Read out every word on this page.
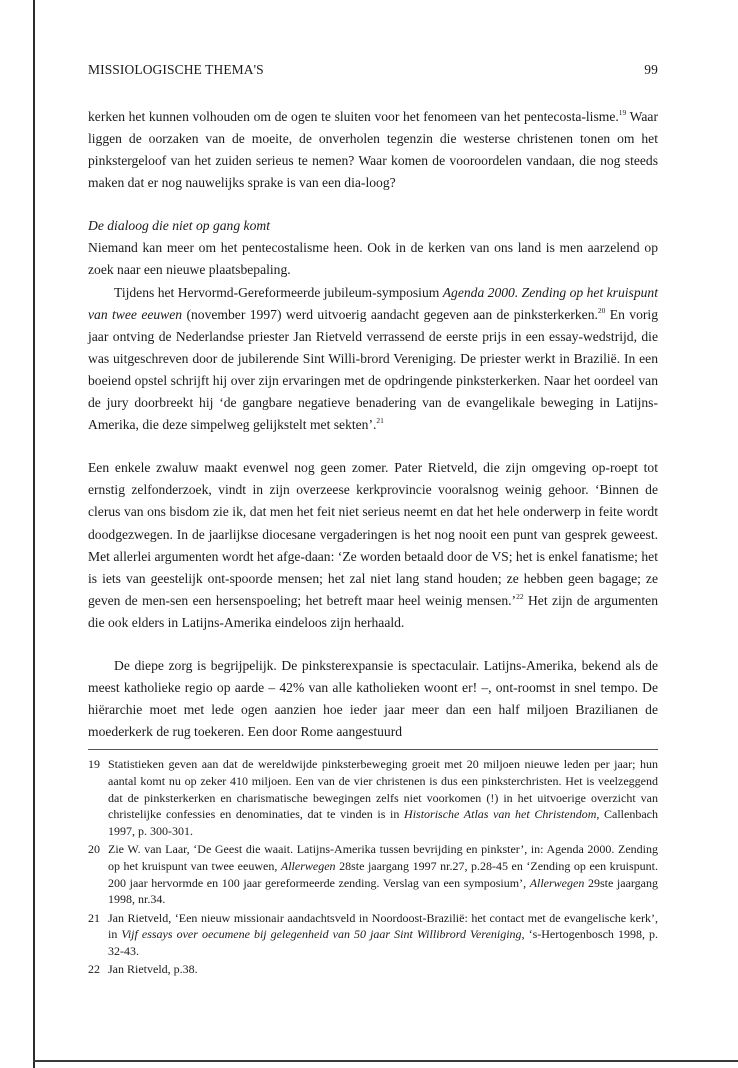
MISSIOLOGISCHE THEMA'S	99

kerken het kunnen volhouden om de ogen te sluiten voor het fenomeen van het pentecosta-lisme.$^{19}$ Waar liggen de oorzaken van de moeite, de onverholen tegenzin die westerse christenen tonen om het pinkstergeloof van het zuiden serieus te nemen? Waar komen de vooroordelen vandaan, die nog steeds maken dat er nog nauwelijks sprake is van een dia-loog?

De dialoog die niet op gang komt

Niemand kan meer om het pentecostalisme heen. Ook in de kerken van ons land is men aarzelend op zoek naar een nieuwe plaatsbepaling.

Tijdens het Hervormd-Gereformeerde jubileum-symposium Agenda 2000. Zending op het kruispunt van twee eeuwen (november 1997) werd uitvoerig aandacht gegeven aan de pinksterkerken.$^{20}$ En vorig jaar ontving de Nederlandse priester Jan Rietveld verrassend de eerste prijs in een essay-wedstrijd, die was uitgeschreven door de jubilerende Sint Willi-brord Vereniging. De priester werkt in Brazilië. In een boeiend opstel schrijft hij over zijn ervaringen met de opdringende pinksterkerken. Naar het oordeel van de jury doorbreekt hij ‘de gangbare negatieve benadering van de evangelikale beweging in Latijns-Amerika, die deze simpelweg gelijkstelt met sekten’.$^{21}$

Een enkele zwaluw maakt evenwel nog geen zomer. Pater Rietveld, die zijn omgeving op-roept tot ernstig zelfonderzoek, vindt in zijn overzeese kerkprovincie vooralsnog weinig gehoor. ‘Binnen de clerus van ons bisdom zie ik, dat men het feit niet serieus neemt en dat het hele onderwerp in feite wordt doodgezwegen. In de jaarlijkse diocesane vergaderingen is het nog nooit een punt van gesprek geweest. Met allerlei argumenten wordt het afge-daan: ‘Ze worden betaald door de VS; het is enkel fanatisme; het is iets van geestelijk ont-spoorde mensen; het zal niet lang stand houden; ze hebben geen bagage; ze geven de men-sen een hersenspoeling; het betreft maar heel weinig mensen.’$^{22}$ Het zijn de argumenten die ook elders in Latijns-Amerika eindeloos zijn herhaald.

De diepe zorg is begrijpelijk. De pinksterexpansie is spectaculair. Latijns-Amerika, bekend als de meest katholieke regio op aarde – 42% van alle katholieken woont er! –, ont-roomst in snel tempo. De hiërarchie moet met lede ogen aanzien hoe ieder jaar meer dan een half miljoen Brazilianen de moederkerk de rug toekeren. Een door Rome aangestuurd

19 Statistieken geven aan dat de wereldwijde pinksterbeweging groeit met 20 miljoen nieuwe leden per jaar; hun aantal komt nu op zeker 410 miljoen. Een van de vier christenen is dus een pinksterchristen. Het is veelzeggend dat de pinksterkerken en charismatische bewegingen zelfs niet voorkomen (!) in het uitvoerige overzicht van christelijke confessies en denominaties, dat te vinden is in Historische Atlas van het Christendom, Callenbach 1997, p. 300-301.
20 Zie W. van Laar, ‘De Geest die waait. Latijns-Amerika tussen bevrijding en pinkster’, in: Agenda 2000. Zending op het kruispunt van twee eeuwen, Allerwegen 28ste jaargang 1997 nr.27, p.28-45 en ‘Zending op een kruispunt. 200 jaar hervormde en 100 jaar gereformeerde zending. Verslag van een symposium’, Allerwegen 29ste jaargang 1998, nr.34.
21 Jan Rietveld, ‘Een nieuw missionair aandachtsveld in Noordoost-Brazilië: het contact met de evangelische kerk’, in Vijf essays over oecumene bij gelegenheid van 50 jaar Sint Willibrord Vereniging, ‘s-Hertogenbosch 1998, p. 32-43.
22 Jan Rietveld, p.38.
